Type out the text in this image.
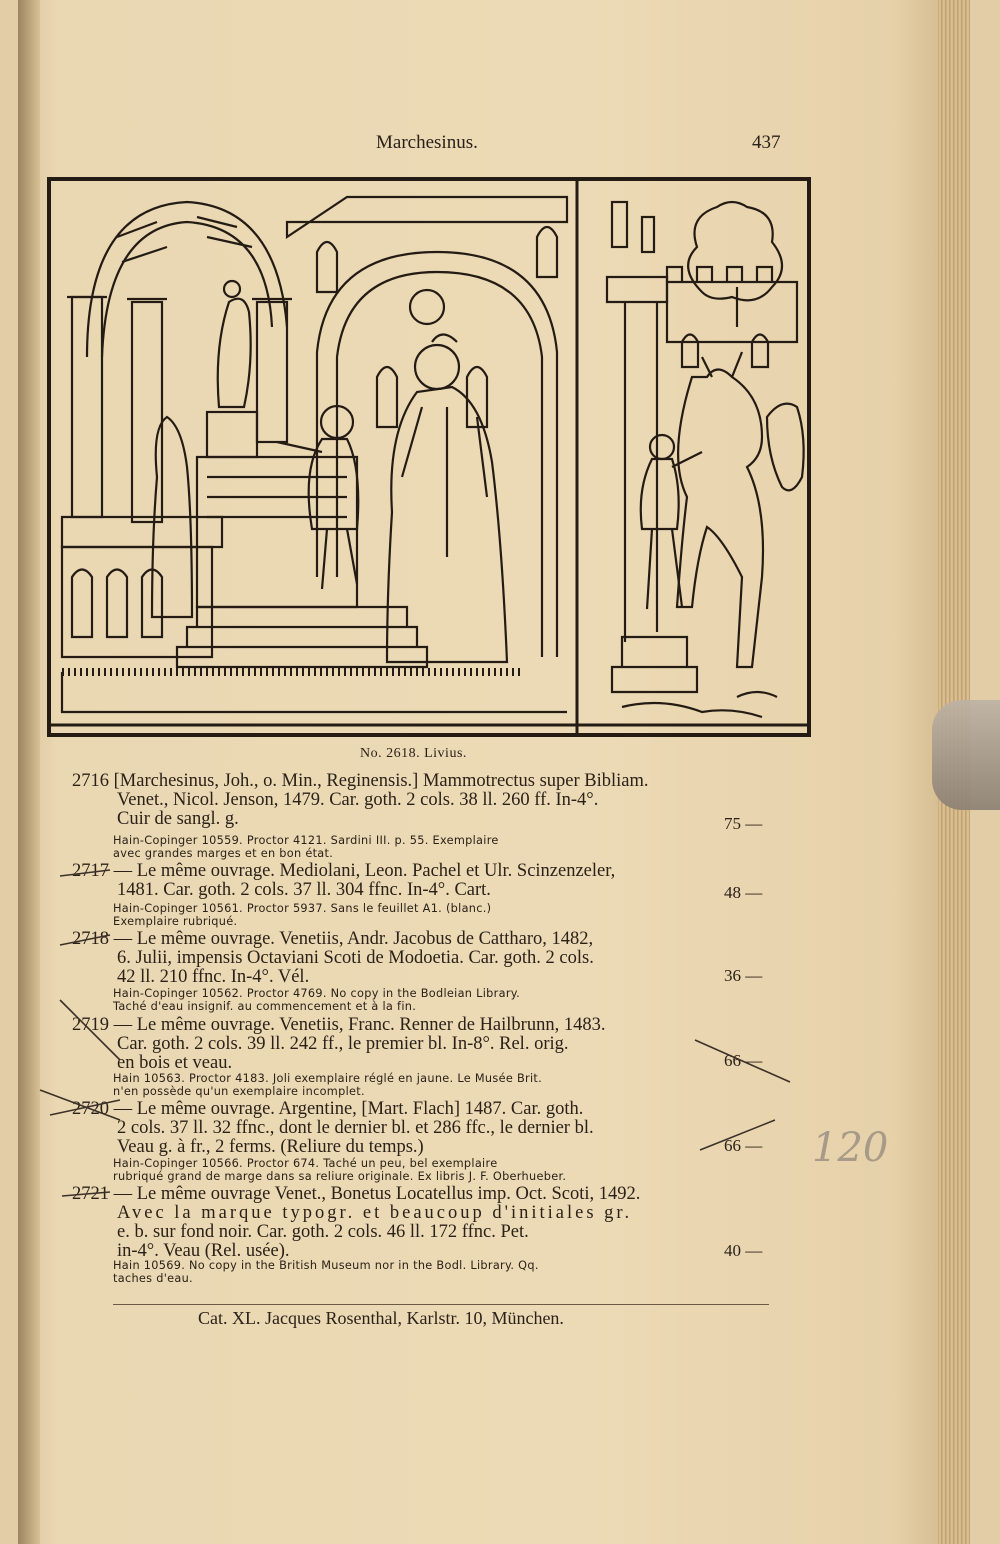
Marchesinus.	437
No. 2618. Livius.
2716 [Marchesinus, Joh., o. Min., Reginensis.] Mammotrectus super Bibliam.
Venet., Nicol. Jenson, 1479. Car. goth. 2 cols. 38 ll. 260 ff. In-4°.
Cuir de sangl. g.	75 —
Hain-Copinger 10559. Proctor 4121. Sardini III. p. 55. Exemplaire
avec grandes marges et en bon état.
2717 — Le même ouvrage. Mediolani, Leon. Pachel et Ulr. Scinzenzeler,
1481. Car. goth. 2 cols. 37 ll. 304 ffnc. In-4°. Cart.	48 —
Hain-Copinger 10561. Proctor 5937. Sans le feuillet A1. (blanc.)
Exemplaire rubriqué.
2718 — Le même ouvrage. Venetiis, Andr. Jacobus de Cattharo, 1482,
6. Julii, impensis Octaviani Scoti de Modoetia. Car. goth. 2 cols.
42 ll. 210 ffnc. In-4°. Vél.	36 —
Hain-Copinger 10562. Proctor 4769. No copy in the Bodleian Library.
Taché d'eau insignif. au commencement et à la fin.
2719 — Le même ouvrage. Venetiis, Franc. Renner de Hailbrunn, 1483.
Car. goth. 2 cols. 39 ll. 242 ff., le premier bl. In-8°. Rel. orig.
en bois et veau.	66 —
Hain 10563. Proctor 4183. Joli exemplaire réglé en jaune. Le Musée Brit.
n'en possède qu'un exemplaire incomplet.
2720 — Le même ouvrage. Argentine, [Mart. Flach] 1487. Car. goth.
2 cols. 37 ll. 32 ffnc., dont le dernier bl. et 286 ffc., le dernier bl.
Veau g. à fr., 2 ferms. (Reliure du temps.)	66 —
Hain-Copinger 10566. Proctor 674. Taché un peu, bel exemplaire
rubriqué grand de marge dans sa reliure originale. Ex libris J. F. Oberhueber.
2721 — Le même ouvrage Venet., Bonetus Locatellus imp. Oct. Scoti, 1492.
Avec la marque typogr. et beaucoup d'initiales gr.
e. b. sur fond noir. Car. goth. 2 cols. 46 ll. 172 ffnc. Pet.
in-4°. Veau (Rel. usée).	40 —
Hain 10569. No copy in the British Museum nor in the Bodl. Library. Qq.
taches d'eau.
Cat. XL. Jacques Rosenthal, Karlstr. 10, München.
120
